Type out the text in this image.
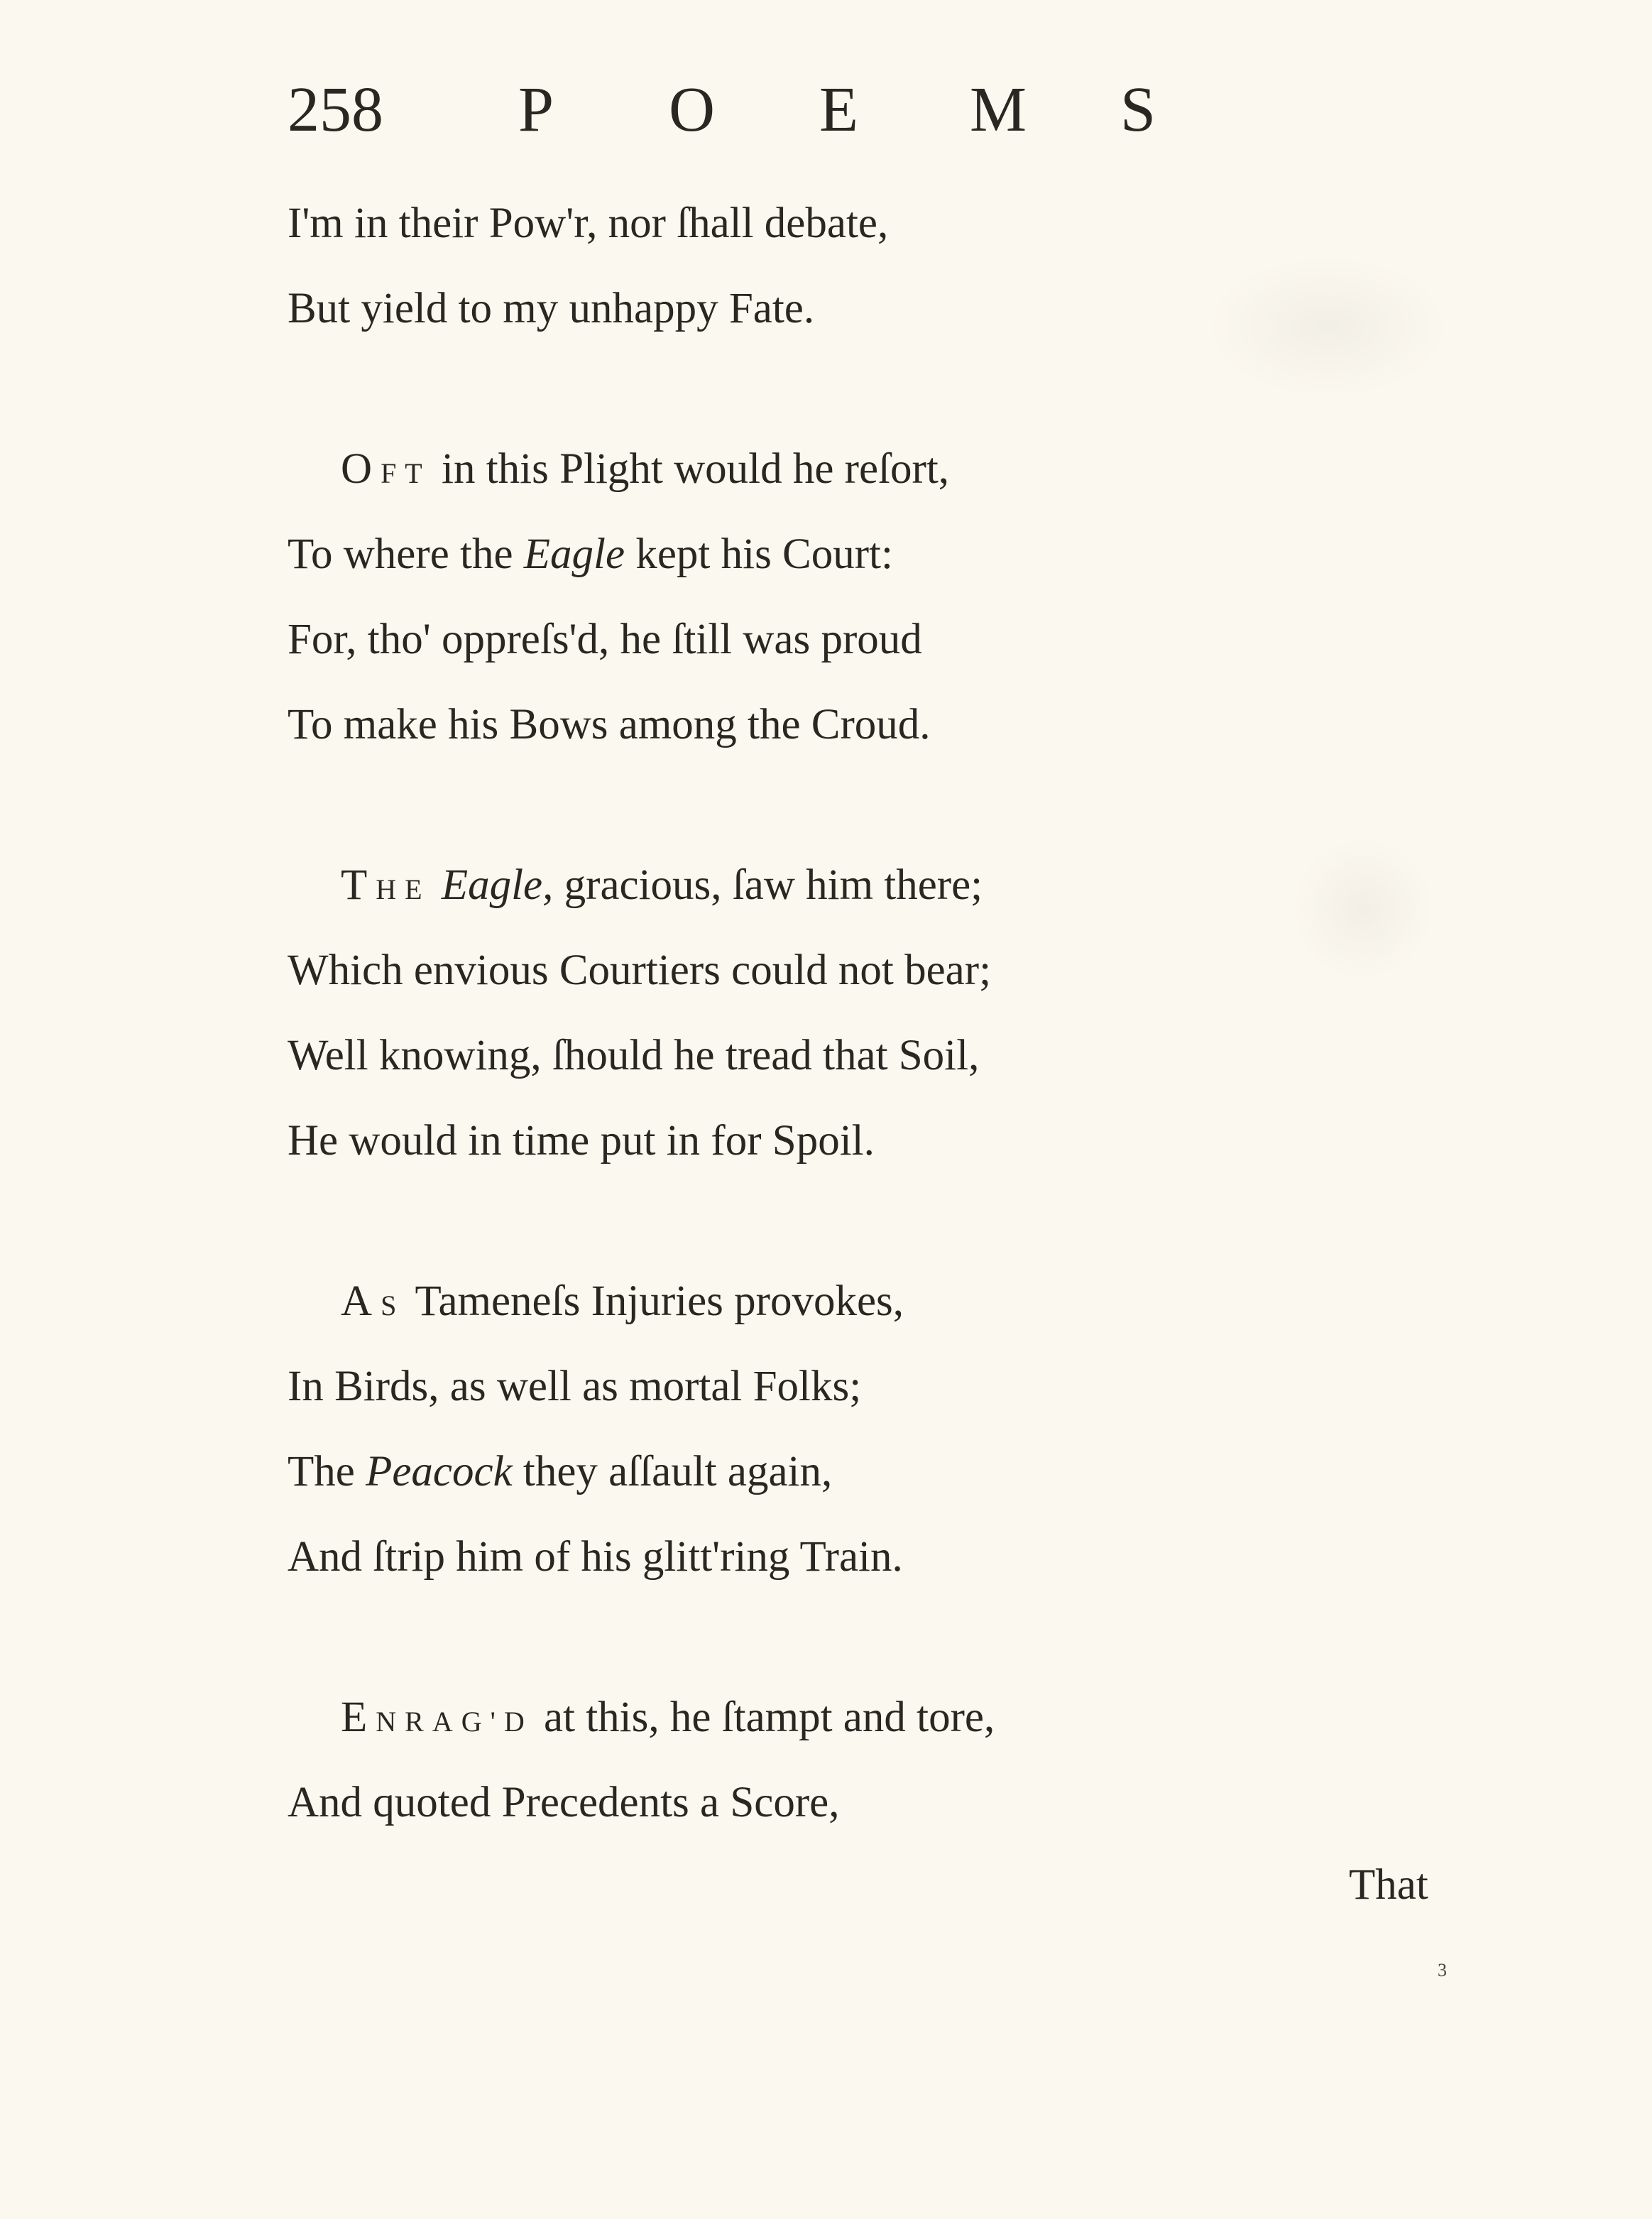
258 P	O	E	M	S
I'm in their Pow'r, nor ſhall debate,
But yield to my unhappy Fate.
OFT in this Plight would he reſort,
To where the Eagle kept his Court:
For, tho' oppreſs'd, he ſtill was proud
To make his Bows among the Croud.
THE Eagle, gracious, ſaw him there;
Which envious Courtiers could not bear;
Well knowing, ſhould he tread that Soil,
He would in time put in for Spoil.
AS Tameneſs Injuries provokes,
In Birds, as well as mortal Folks;
The Peacock they aſſault again,
And ſtrip him of his glitt'ring Train.
ENRAG'D at this, he ſtampt and tore,
And quoted Precedents a Score,
That
3
